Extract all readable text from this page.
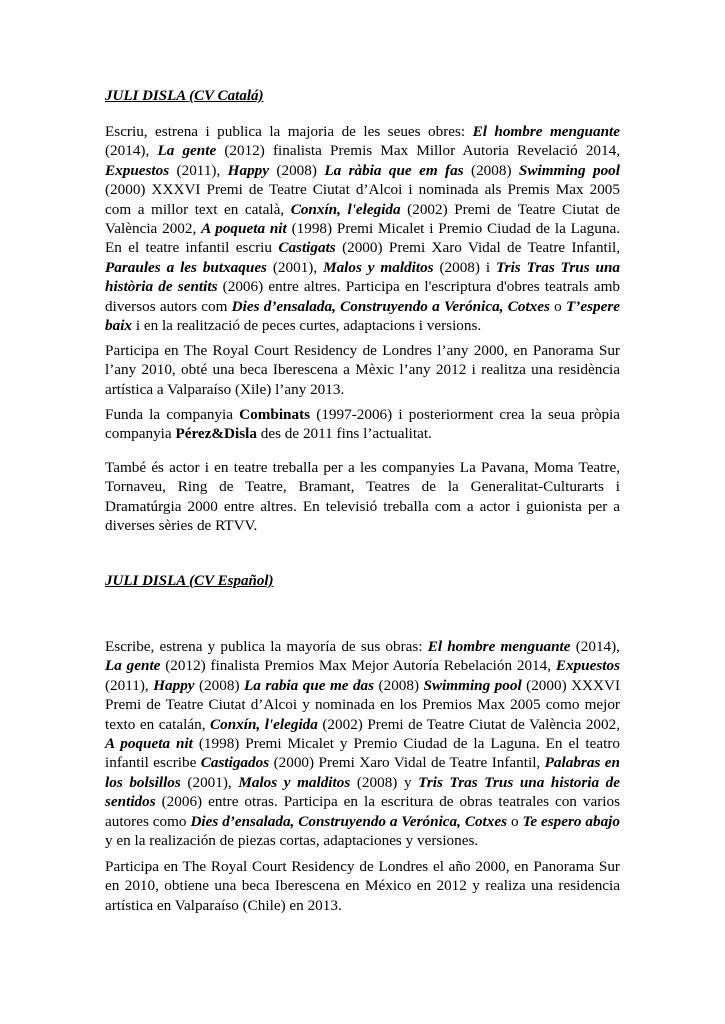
JULI DISLA (CV Catalá)

Escriu, estrena i publica la majoria de les seues obres: El hombre menguante (2014), La gente (2012) finalista Premis Max Millor Autoria Revelació 2014, Expuestos (2011), Happy (2008) La ràbia que em fas (2008) Swimming pool (2000) XXXVI Premi de Teatre Ciutat d’Alcoi i nominada als Premis Max 2005 com a millor text en català, Conxín, l'elegida (2002) Premi de Teatre Ciutat de València 2002, A poqueta nit (1998) Premi Micalet i Premio Ciudad de la Laguna. En el teatre infantil escriu Castigats (2000) Premi Xaro Vidal de Teatre Infantil, Paraules a les butxaques (2001), Malos y malditos (2008) i Tris Tras Trus una història de sentits (2006) entre altres. Participa en l'escriptura d'obres teatrals amb diversos autors com Dies d’ensalada, Construyendo a Verónica, Cotxes o T’espere baix i en la realització de peces curtes, adaptacions i versions.

Participa en The Royal Court Residency de Londres l’any 2000, en Panorama Sur l’any 2010, obté una beca Iberescena a Mèxic l’any 2012 i realitza una residència artística a Valparaíso (Xile) l’any 2013.

Funda la companyia Combinats (1997-2006) i posteriorment crea la seua pròpia companyia Pérez&Disla des de 2011 fins l’actualitat.

També és actor i en teatre treballa per a les companyies La Pavana, Moma Teatre, Tornaveu, Ring de Teatre, Bramant, Teatres de la Generalitat-Culturarts i Dramatúrgia 2000 entre altres. En televisió treballa com a actor i guionista per a diverses sèries de RTVV.

JULI DISLA (CV Español)

Escribe, estrena y publica la mayoría de sus obras: El hombre menguante (2014), La gente (2012) finalista Premios Max Mejor Autoría Rebelación 2014, Expuestos (2011), Happy (2008) La rabia que me das (2008) Swimming pool (2000) XXXVI Premi de Teatre Ciutat d’Alcoi y nominada en los Premios Max 2005 como mejor texto en catalán, Conxín, l'elegida (2002) Premi de Teatre Ciutat de València 2002, A poqueta nit (1998) Premi Micalet y Premio Ciudad de la Laguna. En el teatro infantil escribe Castigados (2000) Premi Xaro Vidal de Teatre Infantil, Palabras en los bolsillos (2001), Malos y malditos (2008) y Tris Tras Trus una historia de sentidos (2006) entre otras. Participa en la escritura de obras teatrales con varios autores como Dies d’ensalada, Construyendo a Verónica, Cotxes o Te espero abajo y en la realización de piezas cortas, adaptaciones y versiones.

Participa en The Royal Court Residency de Londres el año 2000, en Panorama Sur en 2010, obtiene una beca Iberescena en México en 2012 y realiza una residencia artística en Valparaíso (Chile) en 2013.
